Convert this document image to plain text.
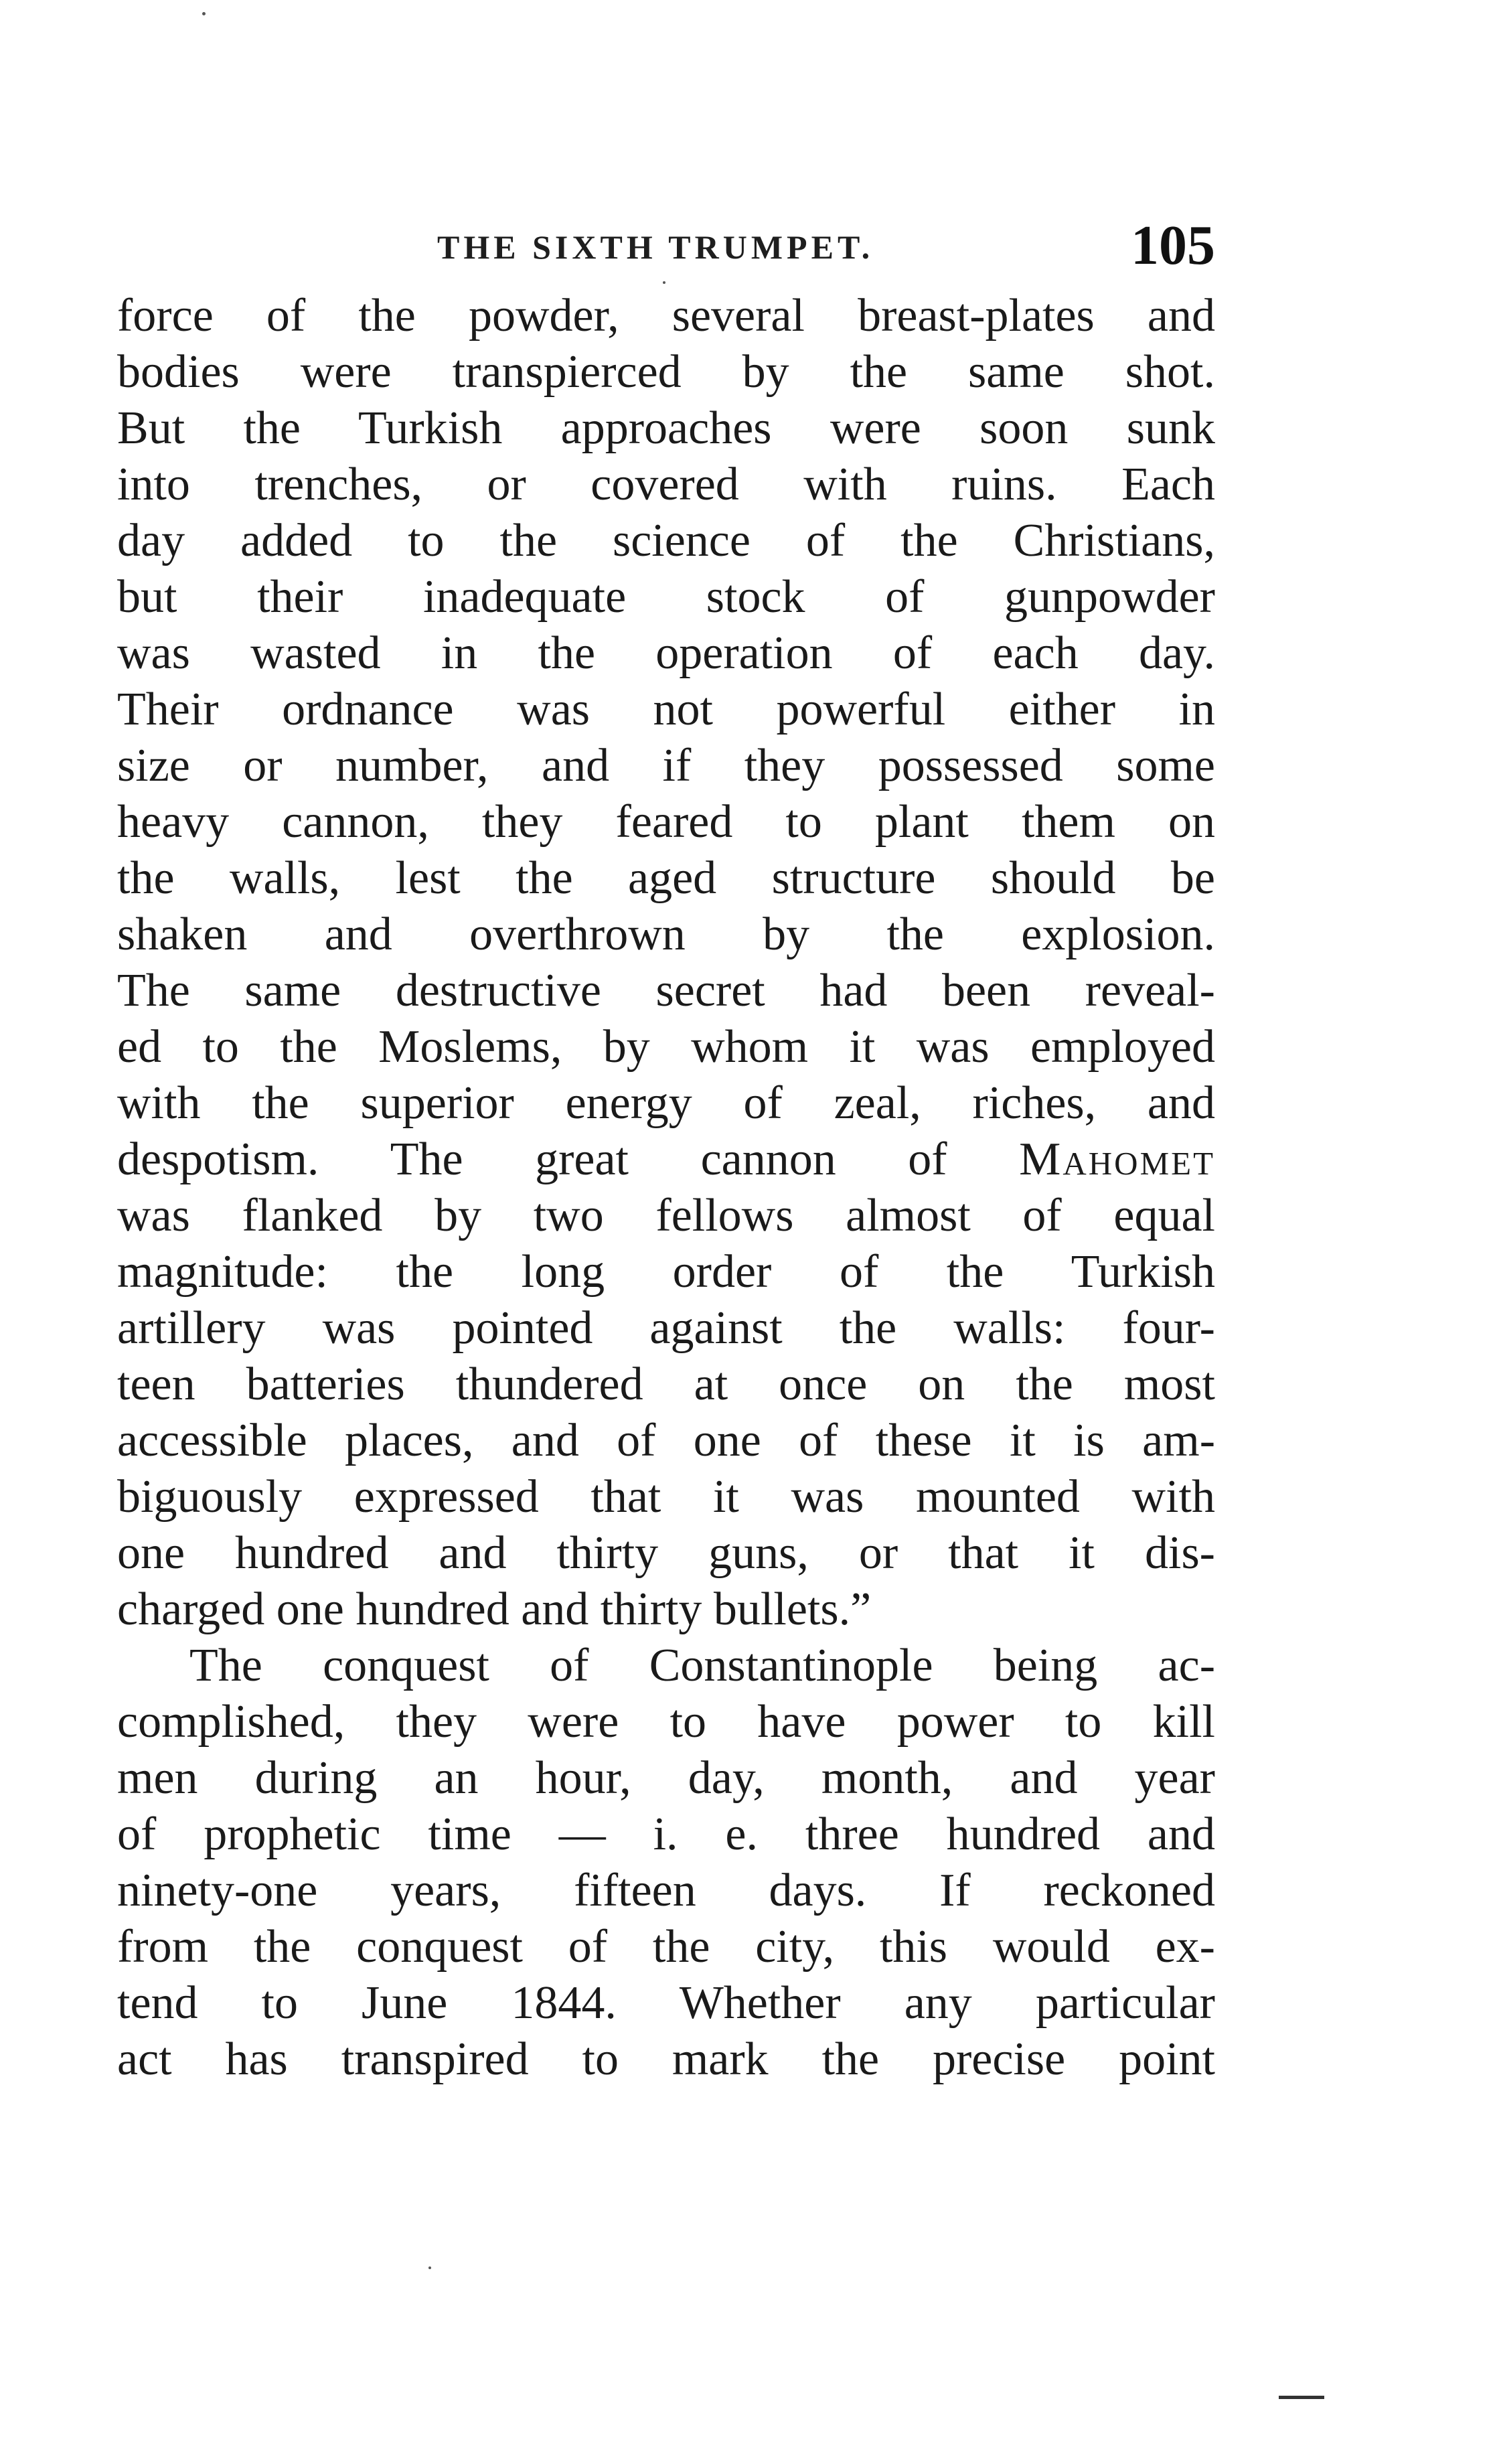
THE SIXTH TRUMPET.	105
force of the powder, several breast-plates and
bodies were transpierced by the same shot.
But the Turkish approaches were soon sunk
into trenches, or covered with ruins. Each
day added to the science of the Christians,
but their inadequate stock of gunpowder
was wasted in the operation of each day.
Their ordnance was not powerful either in
size or number, and if they possessed some
heavy cannon, they feared to plant them on
the walls, lest the aged structure should be
shaken and overthrown by the explosion.
The same destructive secret had been reveal-
ed to the Moslems, by whom it was employed
with the superior energy of zeal, riches, and
despotism. The great cannon of Mahomet
was flanked by two fellows almost of equal
magnitude: the long order of the Turkish
artillery was pointed against the walls: four-
teen batteries thundered at once on the most
accessible places, and of one of these it is am-
biguously expressed that it was mounted with
one hundred and thirty guns, or that it dis-
charged one hundred and thirty bullets.”
The conquest of Constantinople being ac-
complished, they were to have power to kill
men during an hour, day, month, and year
of prophetic time — i. e. three hundred and
ninety-one years, fifteen days. If reckoned
from the conquest of the city, this would ex-
tend to June 1844. Whether any particular
act has transpired to mark the precise point
